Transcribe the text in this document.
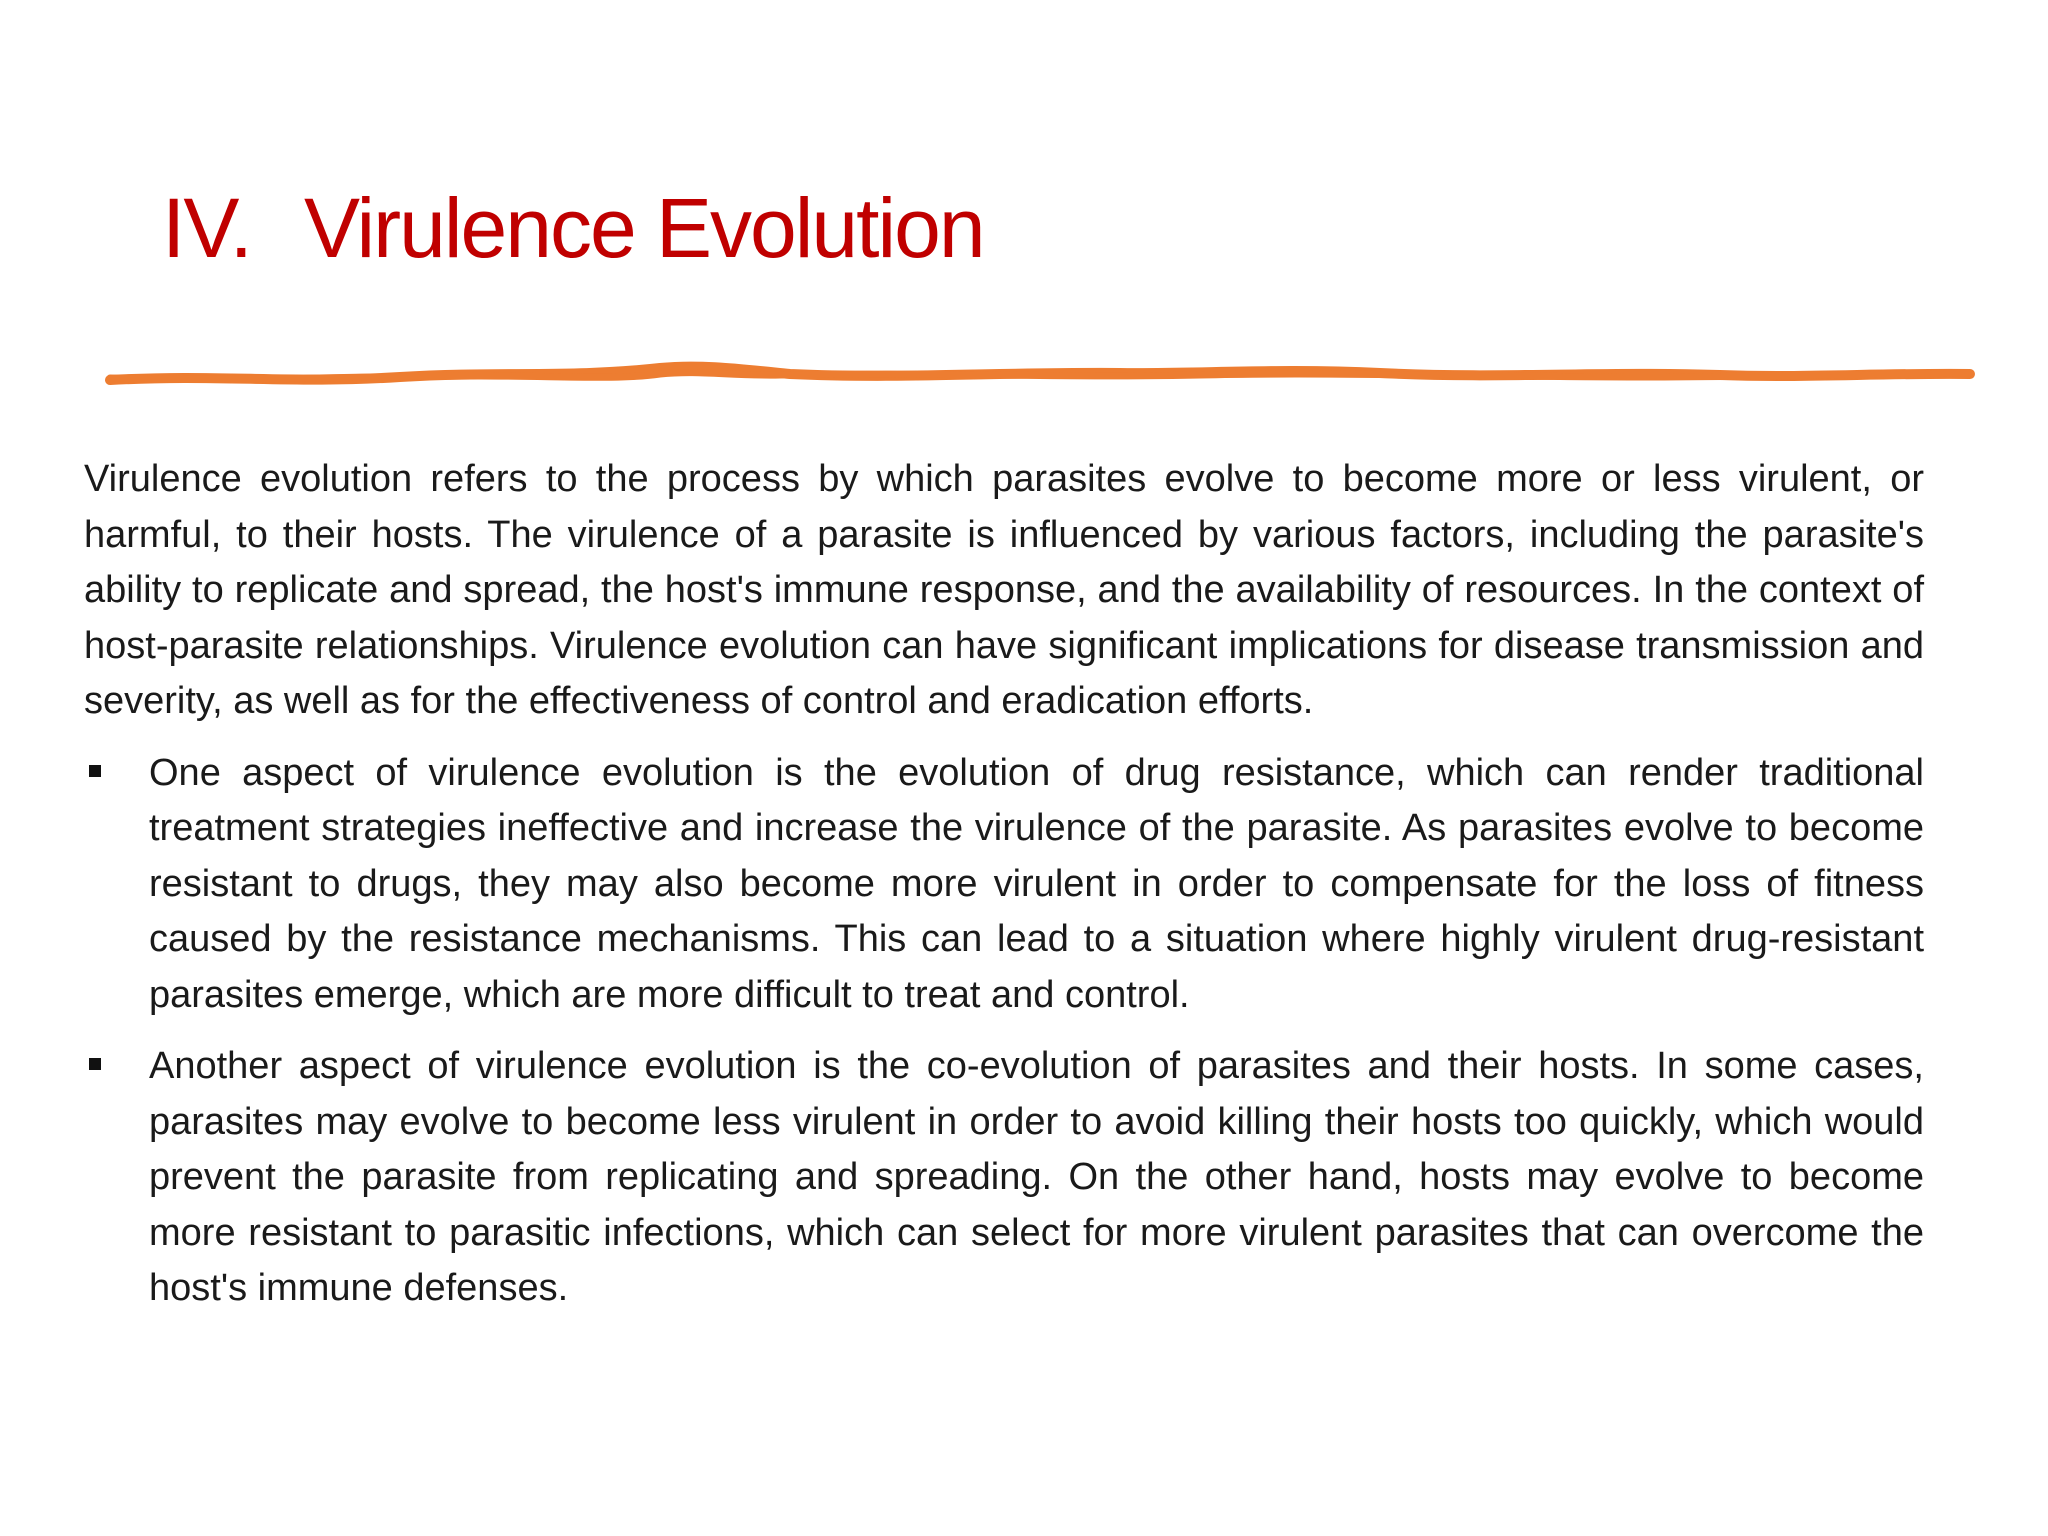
IV. Virulence Evolution

Virulence evolution refers to the process by which parasites evolve to become more or less virulent, or harmful, to their hosts. The virulence of a parasite is influenced by various factors, including the parasite's ability to replicate and spread, the host's immune response, and the availability of resources. In the context of host-parasite relationships. Virulence evolution can have significant implications for disease transmission and severity, as well as for the effectiveness of control and eradication efforts.

One aspect of virulence evolution is the evolution of drug resistance, which can render traditional treatment strategies ineffective and increase the virulence of the parasite. As parasites evolve to become resistant to drugs, they may also become more virulent in order to compensate for the loss of fitness caused by the resistance mechanisms. This can lead to a situation where highly virulent drug-resistant parasites emerge, which are more difficult to treat and control.
Another aspect of virulence evolution is the co-evolution of parasites and their hosts. In some cases, parasites may evolve to become less virulent in order to avoid killing their hosts too quickly, which would prevent the parasite from replicating and spreading. On the other hand, hosts may evolve to become more resistant to parasitic infections, which can select for more virulent parasites that can overcome the host's immune defenses.
